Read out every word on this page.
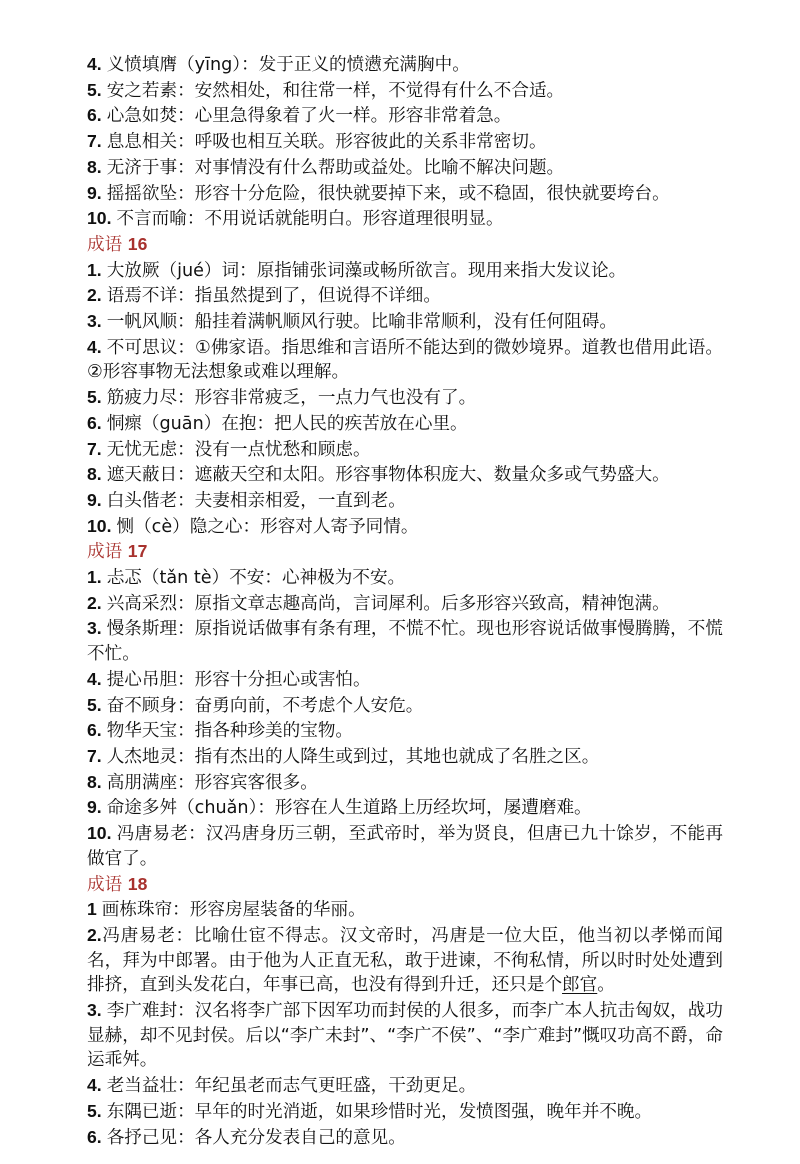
4. 义愤填膺（yīng）：发于正义的愤懑充满胸中。
5. 安之若素：安然相处，和往常一样，不觉得有什么不合适。
6. 心急如焚：心里急得象着了火一样。形容非常着急。
7. 息息相关：呼吸也相互关联。形容彼此的关系非常密切。
8. 无济于事：对事情没有什么帮助或益处。比喻不解决问题。
9. 摇摇欲坠：形容十分危险，很快就要掉下来，或不稳固，很快就要垮台。
10. 不言而喻：不用说话就能明白。形容道理很明显。
成语 16
1. 大放厥（jué）词：原指铺张词藻或畅所欲言。现用来指大发议论。
2. 语焉不详：指虽然提到了，但说得不详细。
3. 一帆风顺：船挂着满帆顺风行驶。比喻非常顺利，没有任何阻碍。
4. 不可思议：①佛家语。指思维和言语所不能达到的微妙境界。道教也借用此语。②形容事物无法想象或难以理解。
5. 筋疲力尽：形容非常疲乏，一点力气也没有了。
6. 恫瘝（guān）在抱：把人民的疾苦放在心里。
7. 无忧无虑：没有一点忧愁和顾虑。
8. 遮天蔽日：遮蔽天空和太阳。形容事物体积庞大、数量众多或气势盛大。
9. 白头偕老：夫妻相亲相爱，一直到老。
10. 恻（cè）隐之心：形容对人寄予同情。
成语 17
1. 忐忑（tǎn tè）不安：心神极为不安。
2. 兴高采烈：原指文章志趣高尚，言词犀利。后多形容兴致高，精神饱满。
3. 慢条斯理：原指说话做事有条有理，不慌不忙。现也形容说话做事慢腾腾，不慌不忙。
4. 提心吊胆：形容十分担心或害怕。
5. 奋不顾身：奋勇向前，不考虑个人安危。
6. 物华天宝：指各种珍美的宝物。
7. 人杰地灵：指有杰出的人降生或到过，其地也就成了名胜之区。
8. 高朋满座：形容宾客很多。
9. 命途多舛（chuǎn）：形容在人生道路上历经坎坷，屡遭磨难。
10. 冯唐易老：汉冯唐身历三朝，至武帝时，举为贤良，但唐已九十馀岁，不能再做官了。
成语 18
1 画栋珠帘：形容房屋装备的华丽。
2.冯唐易老：比喻仕宦不得志。汉文帝时，冯唐是一位大臣，他当初以孝悌而闻名，拜为中郎署。由于他为人正直无私，敢于进谏，不徇私情，所以时时处处遭到排挤，直到头发花白，年事已高，也没有得到升迁，还只是个郎官。
3. 李广难封：汉名将李广部下因军功而封侯的人很多，而李广本人抗击匈奴，战功显赫，却不见封侯。后以“李广未封”、“李广不侯”、“李广难封”慨叹功高不爵，命运乖舛。
4. 老当益壮：年纪虽老而志气更旺盛，干劲更足。
5. 东隅已逝：早年的时光消逝，如果珍惜时光，发愤图强，晚年并不晚。
6. 各抒己见：各人充分发表自己的意见。
